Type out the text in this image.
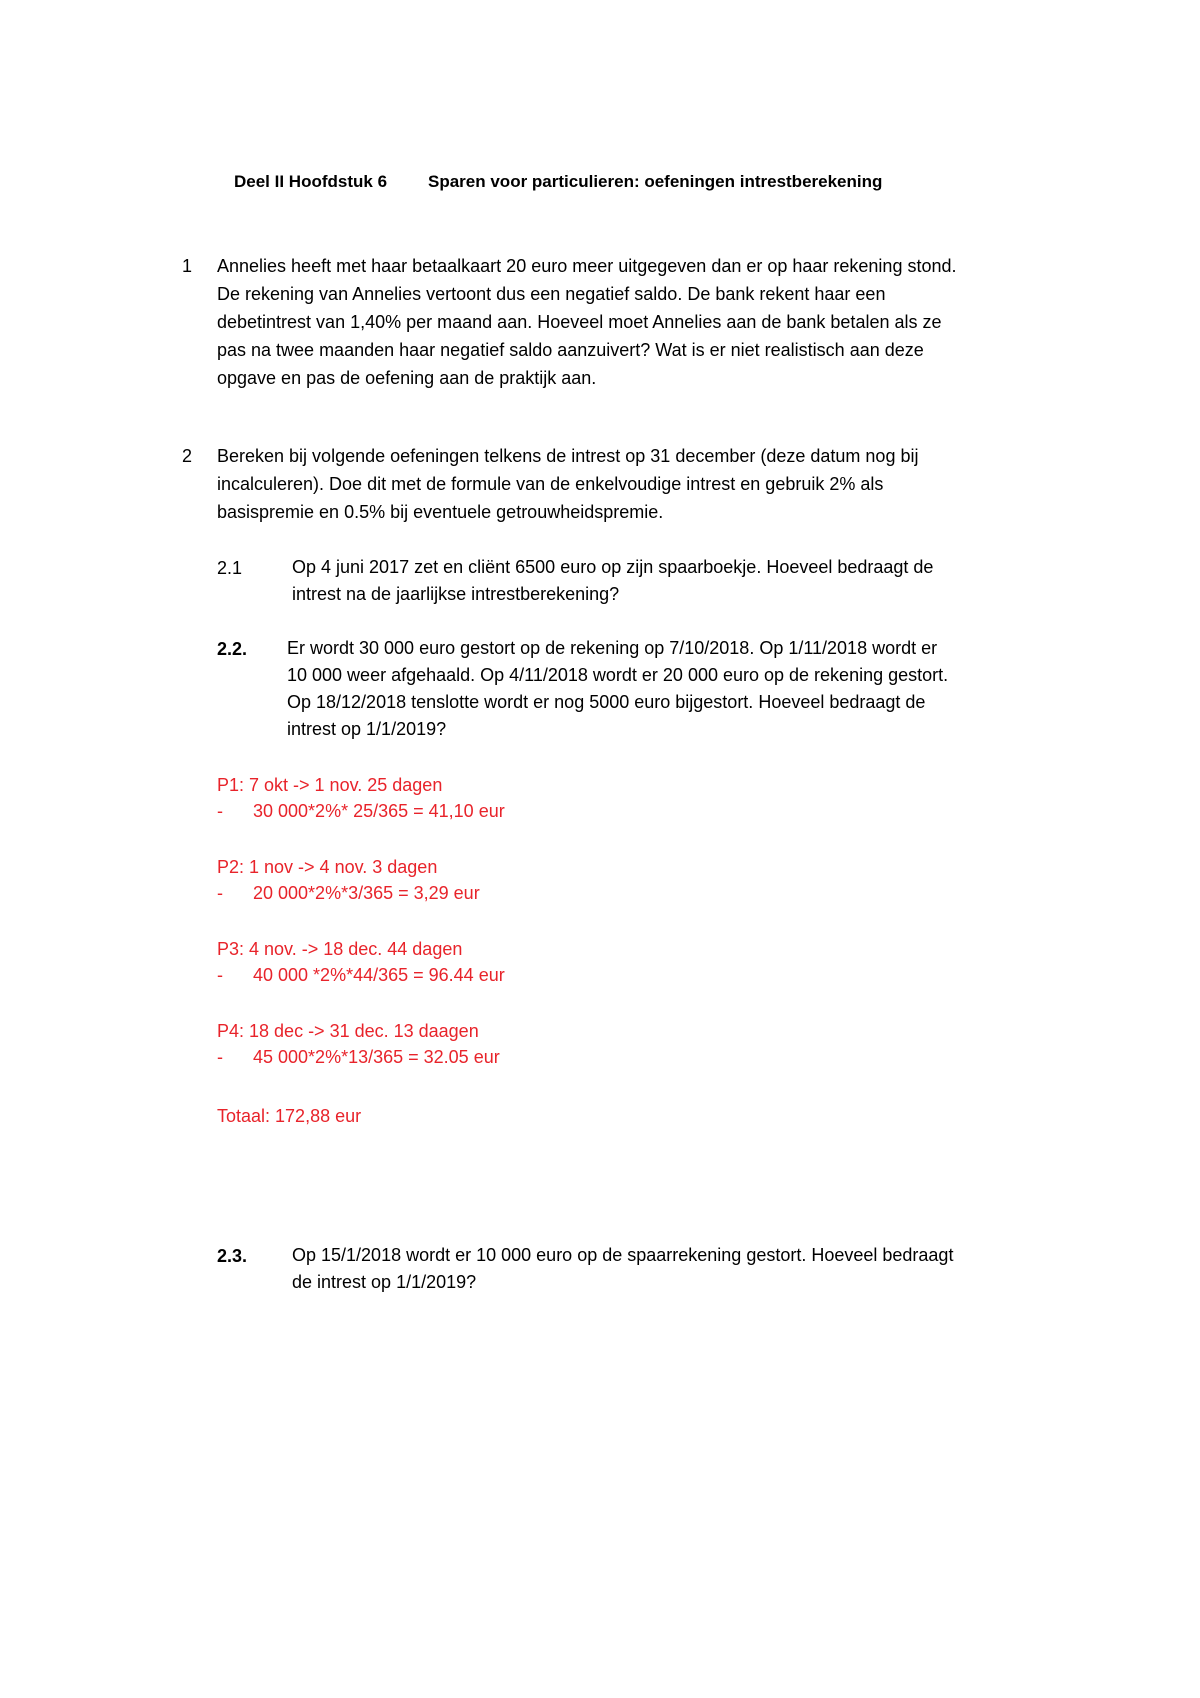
Deel II Hoofdstuk 6 Sparen voor particulieren: oefeningen intrestberekening
1 Annelies heeft met haar betaalkaart 20 euro meer uitgegeven dan er op haar rekening stond.
De rekening van Annelies vertoont dus een negatief saldo. De bank rekent haar een
debetintrest van 1,40% per maand aan. Hoeveel moet Annelies aan de bank betalen als ze
pas na twee maanden haar negatief saldo aanzuivert? Wat is er niet realistisch aan deze
opgave en pas de oefening aan de praktijk aan.
2 Bereken bij volgende oefeningen telkens de intrest op 31 december (deze datum nog bij
incalculeren). Doe dit met de formule van de enkelvoudige intrest en gebruik 2% als
basispremie en 0.5% bij eventuele getrouwheidspremie.
2.1	Op 4 juni 2017 zet en cliënt 6500 euro op zijn spaarboekje. Hoeveel bedraagt de
intrest na de jaarlijkse intrestberekening?
2.2. Er wordt 30 000 euro gestort op de rekening op 7/10/2018. Op 1/11/2018 wordt er
10 000 weer afgehaald. Op 4/11/2018 wordt er 20 000 euro op de rekening gestort.
Op 18/12/2018 tenslotte wordt er nog 5000 euro bijgestort. Hoeveel bedraagt de
intrest op 1/1/2019?
P1: 7 okt -> 1 nov. 25 dagen
- 30 000*2%* 25/365 = 41,10 eur
P2: 1 nov -> 4 nov. 3 dagen
- 20 000*2%*3/365 = 3,29 eur
P3: 4 nov. -> 18 dec. 44 dagen
- 40 000 *2%*44/365 = 96.44 eur
P4: 18 dec -> 31 dec. 13 daagen
- 45 000*2%*13/365 = 32.05 eur
Totaal: 172,88 eur
2.3. Op 15/1/2018 wordt er 10 000 euro op de spaarrekening gestort. Hoeveel bedraagt
de intrest op 1/1/2019?
